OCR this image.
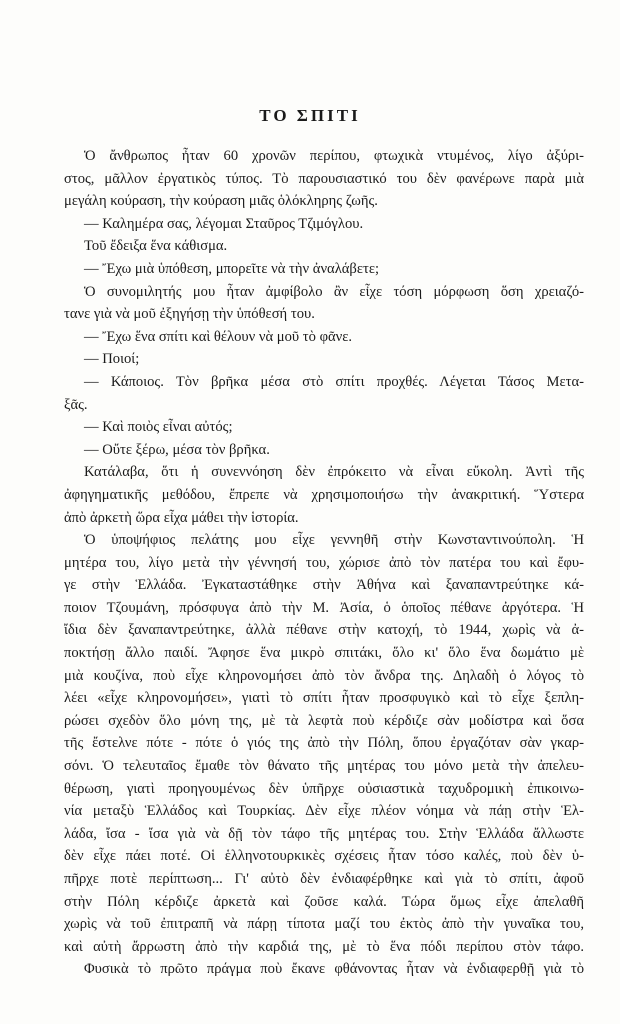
ΤΟ ΣΠΙΤΙ
Ὁ ἄνθρωπος ἦταν 60 χρονῶν περίπου, φτωχικὰ ντυμένος, λίγο ἀξύρι-
στος, μᾶλλον ἐργατικὸς τύπος. Τὸ παρουσιαστικό του δὲν φανέρωνε παρὰ μιὰ
μεγάλη κούραση, τὴν κούραση μιᾶς ὁλόκληρης ζωῆς.
— Καλημέρα σας, λέγομαι Σταῦρος Τζιμόγλου.
Τοῦ ἔδειξα ἕνα κάθισμα.
— Ἔχω μιὰ ὑπόθεση, μπορεῖτε νὰ τὴν ἀναλάβετε;
Ὁ συνομιλητής μου ἦταν ἀμφίβολο ἂν εἶχε τόση μόρφωση ὅση χρειαζό-
τανε γιὰ νὰ μοῦ ἐξηγήσῃ τὴν ὑπόθεσή του.
— Ἔχω ἕνα σπίτι καὶ θέλουν νὰ μοῦ τὸ φᾶνε.
— Ποιοί;
— Κάποιος. Τὸν βρῆκα μέσα στὸ σπίτι προχθές. Λέγεται Τάσος Μετα-
ξᾶς.
— Καὶ ποιὸς εἶναι αὐτός;
— Οὔτε ξέρω, μέσα τὸν βρῆκα.
Κατάλαβα, ὅτι ἡ συνεννόηση δὲν ἐπρόκειτο νὰ εἶναι εὔκολη. Ἀντὶ τῆς
ἀφηγηματικῆς μεθόδου, ἔπρεπε νὰ χρησιμοποιήσω τὴν ἀνακριτική. Ὕστερα
ἀπὸ ἀρκετὴ ὥρα εἶχα μάθει τὴν ἱστορία.
Ὁ ὑποψήφιος πελάτης μου εἶχε γεννηθῆ στὴν Κωνσταντινούπολη. Ἡ
μητέρα του, λίγο μετὰ τὴν γέννησή του, χώρισε ἀπὸ τὸν πατέρα του καὶ ἔφυ-
γε στὴν Ἑλλάδα. Ἐγκαταστάθηκε στὴν Ἀθήνα καὶ ξαναπαντρεύτηκε κά-
ποιον Τζουμάνη, πρόσφυγα ἀπὸ τὴν Μ. Ἀσία, ὁ ὁποῖος πέθανε ἀργότερα. Ἡ
ἴδια δὲν ξαναπαντρεύτηκε, ἀλλὰ πέθανε στὴν κατοχή, τὸ 1944, χωρὶς νὰ ἀ-
ποκτήσῃ ἄλλο παιδί. Ἄφησε ἕνα μικρὸ σπιτάκι, ὅλο κι' ὅλο ἕνα δωμάτιο μὲ
μιὰ κουζίνα, ποὺ εἶχε κληρονομήσει ἀπὸ τὸν ἄνδρα της. Δηλαδὴ ὁ λόγος τὸ
λέει «εἶχε κληρονομήσει», γιατὶ τὸ σπίτι ἦταν προσφυγικὸ καὶ τὸ εἶχε ξεπλη-
ρώσει σχεδὸν ὅλο μόνη της, μὲ τὰ λεφτὰ ποὺ κέρδιζε σὰν μοδίστρα καὶ ὅσα
τῆς ἔστελνε πότε - πότε ὁ γιός της ἀπὸ τὴν Πόλη, ὅπου ἐργαζόταν σὰν γκαρ-
σόνι. Ὁ τελευταῖος ἔμαθε τὸν θάνατο τῆς μητέρας του μόνο μετὰ τὴν ἀπελευ-
θέρωση, γιατὶ προηγουμένως δὲν ὑπῆρχε οὐσιαστικὰ ταχυδρομικὴ ἐπικοινω-
νία μεταξὺ Ἑλλάδος καὶ Τουρκίας. Δὲν εἶχε πλέον νόημα νὰ πάῃ στὴν Ἑλ-
λάδα, ἴσα - ἴσα γιὰ νὰ δῇ τὸν τάφο τῆς μητέρας του. Στὴν Ἑλλάδα ἄλλωστε
δὲν εἶχε πάει ποτέ. Οἱ ἑλληνοτουρκικὲς σχέσεις ἦταν τόσο καλές, ποὺ δὲν ὑ-
πῆρχε ποτὲ περίπτωση... Γι' αὐτὸ δὲν ἐνδιαφέρθηκε καὶ γιὰ τὸ σπίτι, ἀφοῦ
στὴν Πόλη κέρδιζε ἀρκετὰ καὶ ζοῦσε καλά. Τώρα ὅμως εἶχε ἀπελαθῆ
χωρὶς νὰ τοῦ ἐπιτραπῆ νὰ πάρῃ τίποτα μαζί του ἐκτὸς ἀπὸ τὴν γυναῖκα του,
καὶ αὐτὴ ἄρρωστη ἀπὸ τὴν καρδιά της, μὲ τὸ ἕνα πόδι περίπου στὸν τάφο.
Φυσικὰ τὸ πρῶτο πράγμα ποὺ ἔκανε φθάνοντας ἦταν νὰ ἐνδιαφερθῇ γιὰ τὸ
